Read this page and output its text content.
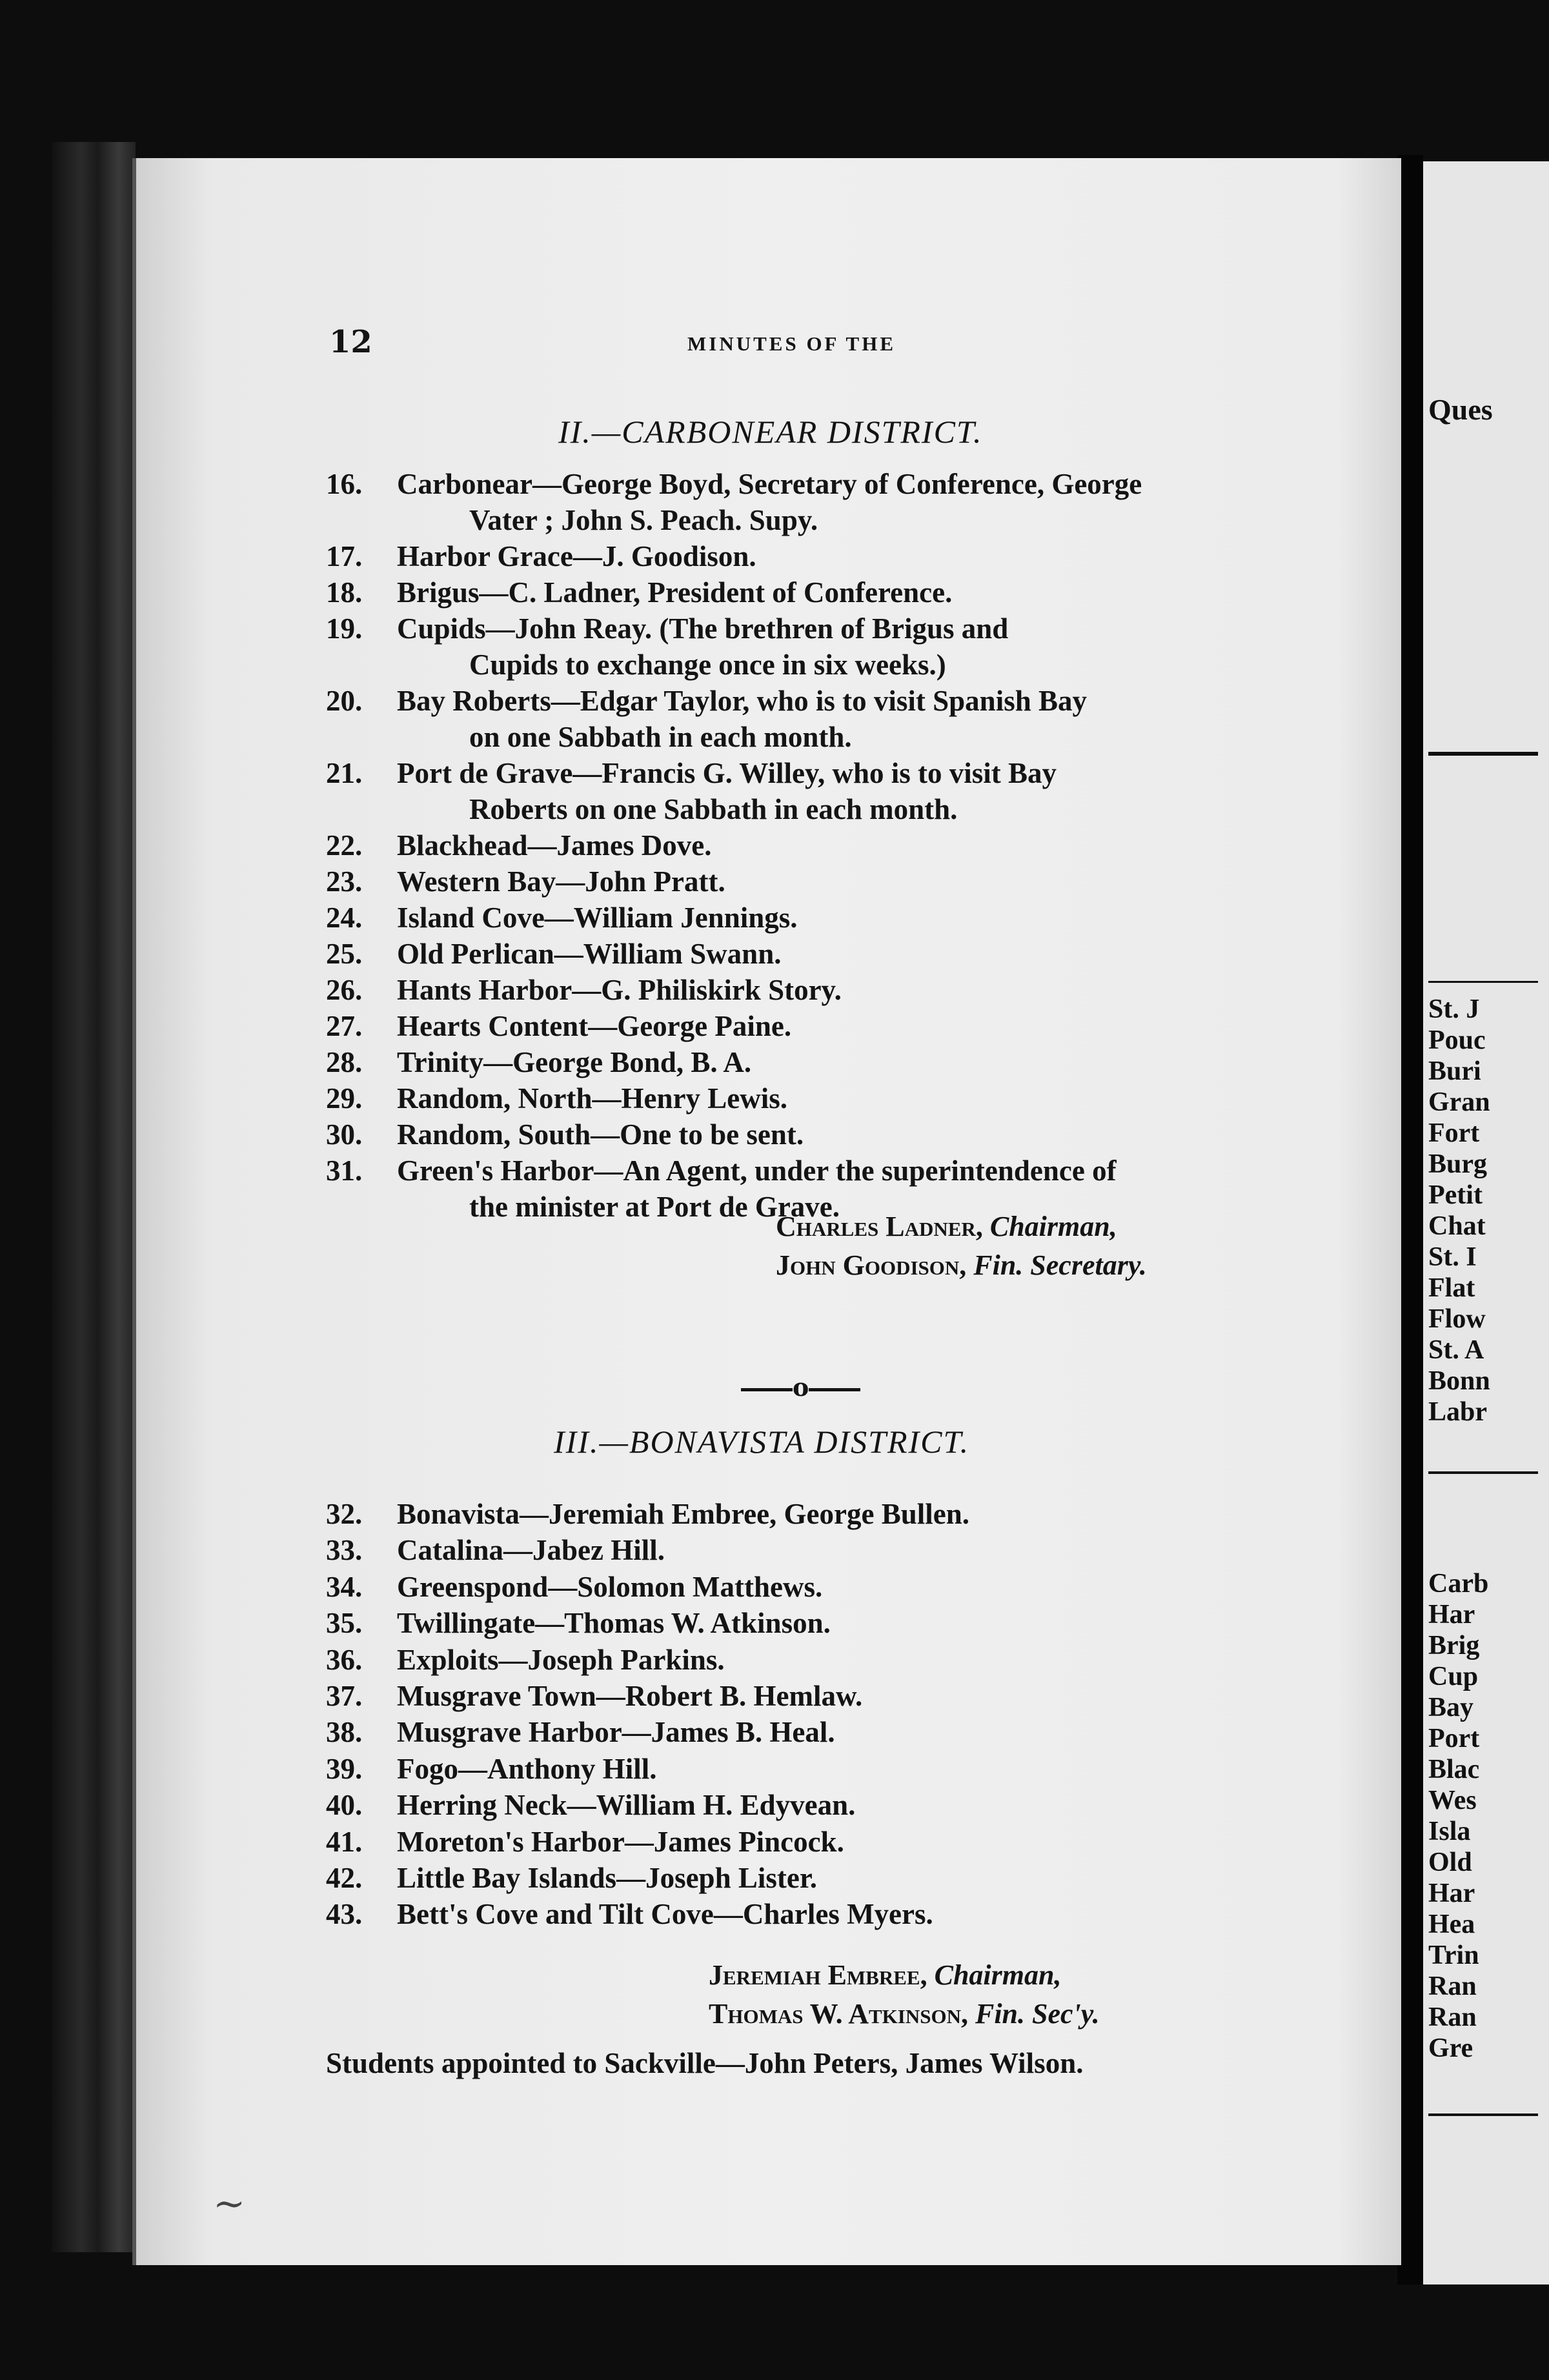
12	MINUTES OF THE
II.—CARBONEAR DISTRICT.
16. Carbonear—George Boyd, Secretary of Conference, George
Vater ; John S. Peach. Supy.
17. Harbor Grace—J. Goodison.
18. Brigus—C. Ladner, President of Conference.
19. Cupids—John Reay. (The brethren of Brigus and
Cupids to exchange once in six weeks.)
20. Bay Roberts—Edgar Taylor, who is to visit Spanish Bay
on one Sabbath in each month.
21. Port de Grave—Francis G. Willey, who is to visit Bay
Roberts on one Sabbath in each month.
22. Blackhead—James Dove.
23. Western Bay—John Pratt.
24. Island Cove—William Jennings.
25. Old Perlican—William Swann.
26. Hants Harbor—G. Philiskirk Story.
27. Hearts Content—George Paine.
28. Trinity—George Bond, B. A.
29. Random, North—Henry Lewis.
30. Random, South—One to be sent.
31. Green's Harbor—An Agent, under the superintendence of
the minister at Port de Grave.
Charles Ladner, Chairman,
John Goodison, Fin. Secretary.
o
III.—BONAVISTA DISTRICT.
32. Bonavista—Jeremiah Embree, George Bullen.
33. Catalina—Jabez Hill.
34. Greenspond—Solomon Matthews.
35. Twillingate—Thomas W. Atkinson.
36. Exploits—Joseph Parkins.
37. Musgrave Town—Robert B. Hemlaw.
38. Musgrave Harbor—James B. Heal.
39. Fogo—Anthony Hill.
40. Herring Neck—William H. Edyvean.
41. Moreton's Harbor—James Pincock.
42. Little Bay Islands—Joseph Lister.
43. Bett's Cove and Tilt Cove—Charles Myers.
Jeremiah Embree, Chairman,
Thomas W. Atkinson, Fin. Sec'y.
Students appointed to Sackville—John Peters, James Wilson.
~
Ques
St. J
Pouc
Buri
Gran
Fort
Burg
Petit
Chat
St. I
Flat
Flow
St. A
Bonn
Labr
Carb
Har
Brig
Cup
Bay
Port
Blac
Wes
Isla
Old
Har
Hea
Trin
Ran
Ran
Gre
